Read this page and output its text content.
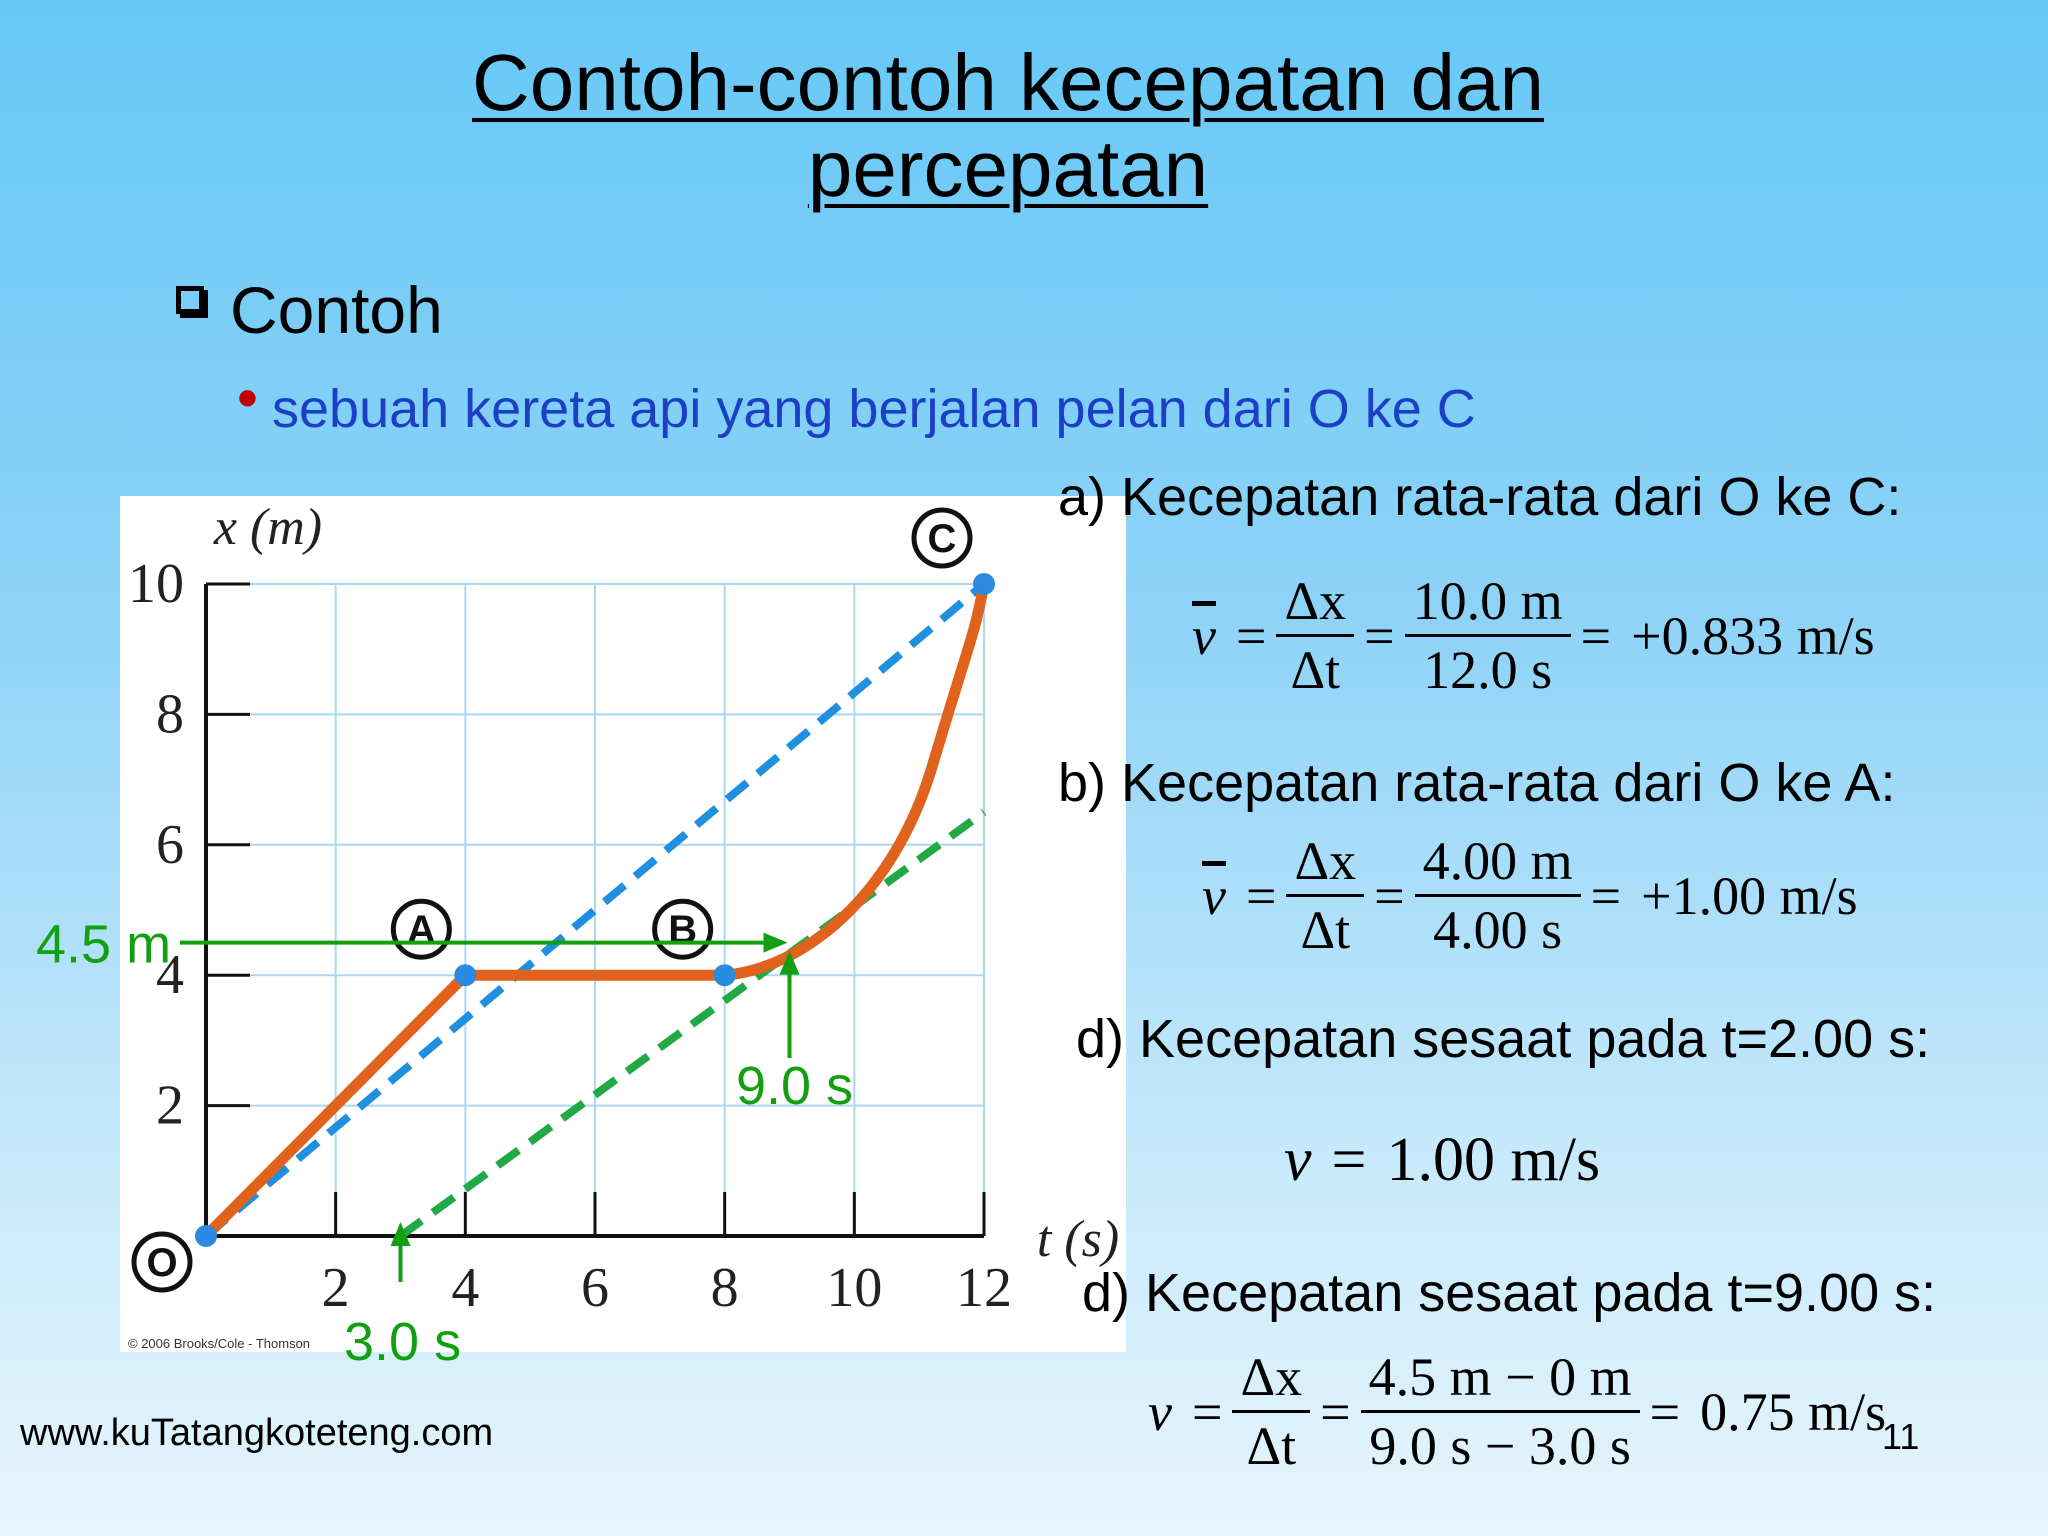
Contoh-contoh kecepatan dan
percepatan
Contoh
● sebuah kereta api yang berjalan pelan dari O ke C
O
A	B
C
4.5 m
9.0 s
3.0 s
2
4
6
8
10
2 4 6 8 10 12
x (m)
t (s)
© 2006 Brooks/Cole - Thomson
a) Kecepatan rata-rata dari O ke C:
$\overline{v} = \frac{\Delta x}{\Delta t} = \frac{10.0 m}{12.0 s} = +0.833$ m/s
b) Kecepatan rata-rata dari O ke A:
$\overline{v} = \frac{\Delta x}{\Delta t} = \frac{4.00 m}{4.00 s} = +1.00$ m/s
d) Kecepatan sesaat pada t=2.00 s:
v = 1.00 m/s
d) Kecepatan sesaat pada t=9.00 s:
$v = \frac{\Delta x}{\Delta t} = \frac{4.5 m - 0 m}{9.0 s - 3.0 s} = 0.75$ m/s
www.kuTatangkoteteng.com	11
